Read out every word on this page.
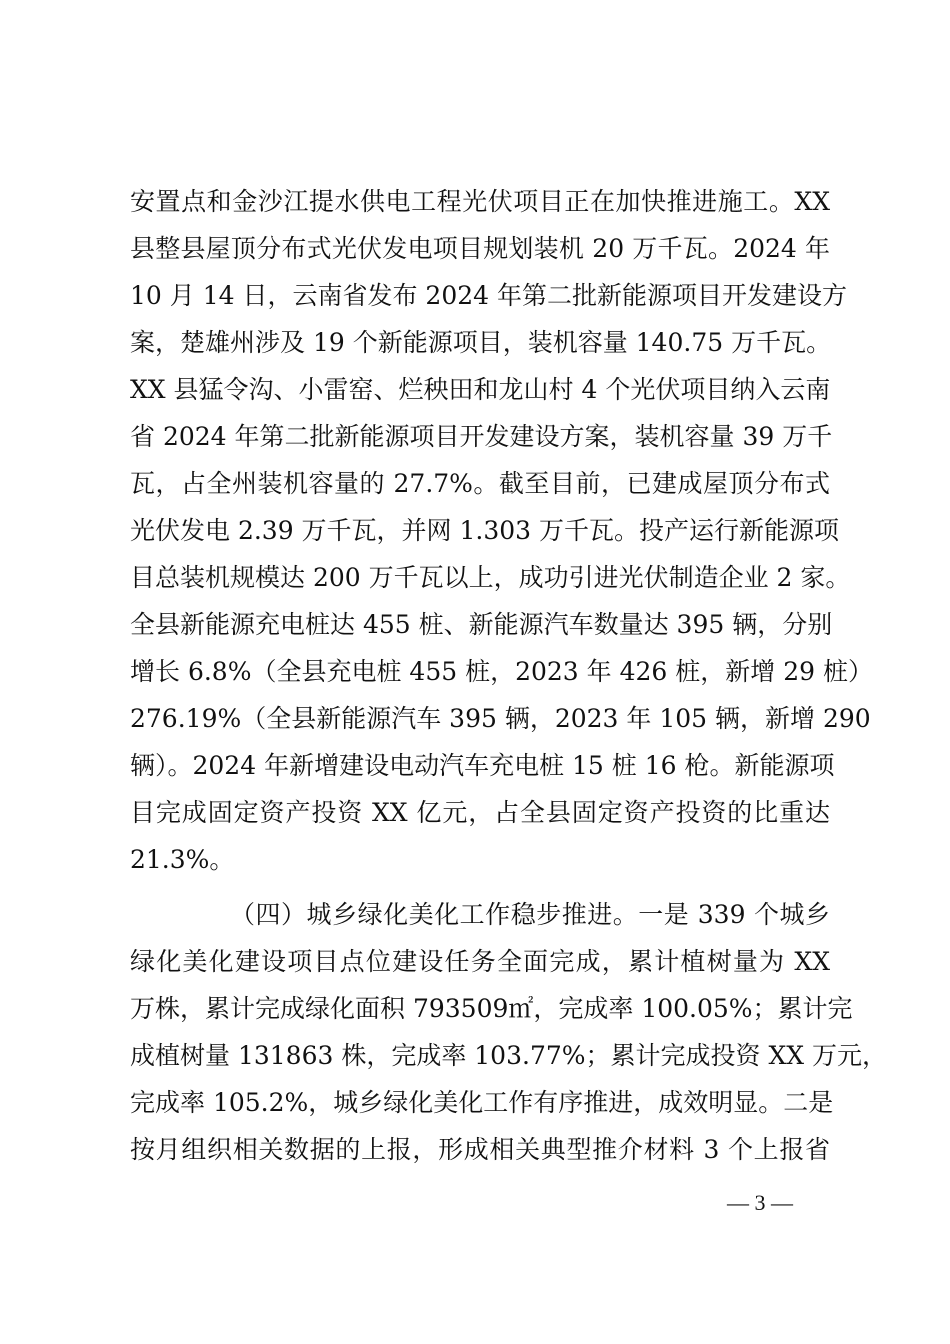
安置点和金沙江提水供电工程光伏项目正在加快推进施工。XX
县整县屋顶分布式光伏发电项目规划装机 20 万千瓦。2024 年
10 月 14 日，云南省发布 2024 年第二批新能源项目开发建设方
案，楚雄州涉及 19 个新能源项目，装机容量 140.75 万千瓦。
XX 县猛令沟、小雷窑、烂秧田和龙山村 4 个光伏项目纳入云南
省 2024 年第二批新能源项目开发建设方案，装机容量 39 万千
瓦，占全州装机容量的 27.7%。截至目前，已建成屋顶分布式
光伏发电 2.39 万千瓦，并网 1.303 万千瓦。投产运行新能源项
目总装机规模达 200 万千瓦以上，成功引进光伏制造企业 2 家。
全县新能源充电桩达 455 桩、新能源汽车数量达 395 辆，分别
增长 6.8%（全县充电桩 455 桩，2023 年 426 桩，新增 29 桩）
276.19%（全县新能源汽车 395 辆，2023 年 105 辆，新增 290
辆）。2024 年新增建设电动汽车充电桩 15 桩 16 枪。新能源项
目完成固定资产投资 XX 亿元，占全县固定资产投资的比重达
21.3%。
（四）城乡绿化美化工作稳步推进。一是 339 个城乡
绿化美化建设项目点位建设任务全面完成，累计植树量为 XX
万株，累计完成绿化面积 793509㎡，完成率 100.05%；累计完
成植树量 131863 株，完成率 103.77%；累计完成投资 XX 万元，
完成率 105.2%，城乡绿化美化工作有序推进，成效明显。二是
按月组织相关数据的上报，形成相关典型推介材料 3 个上报省
— 3 —
